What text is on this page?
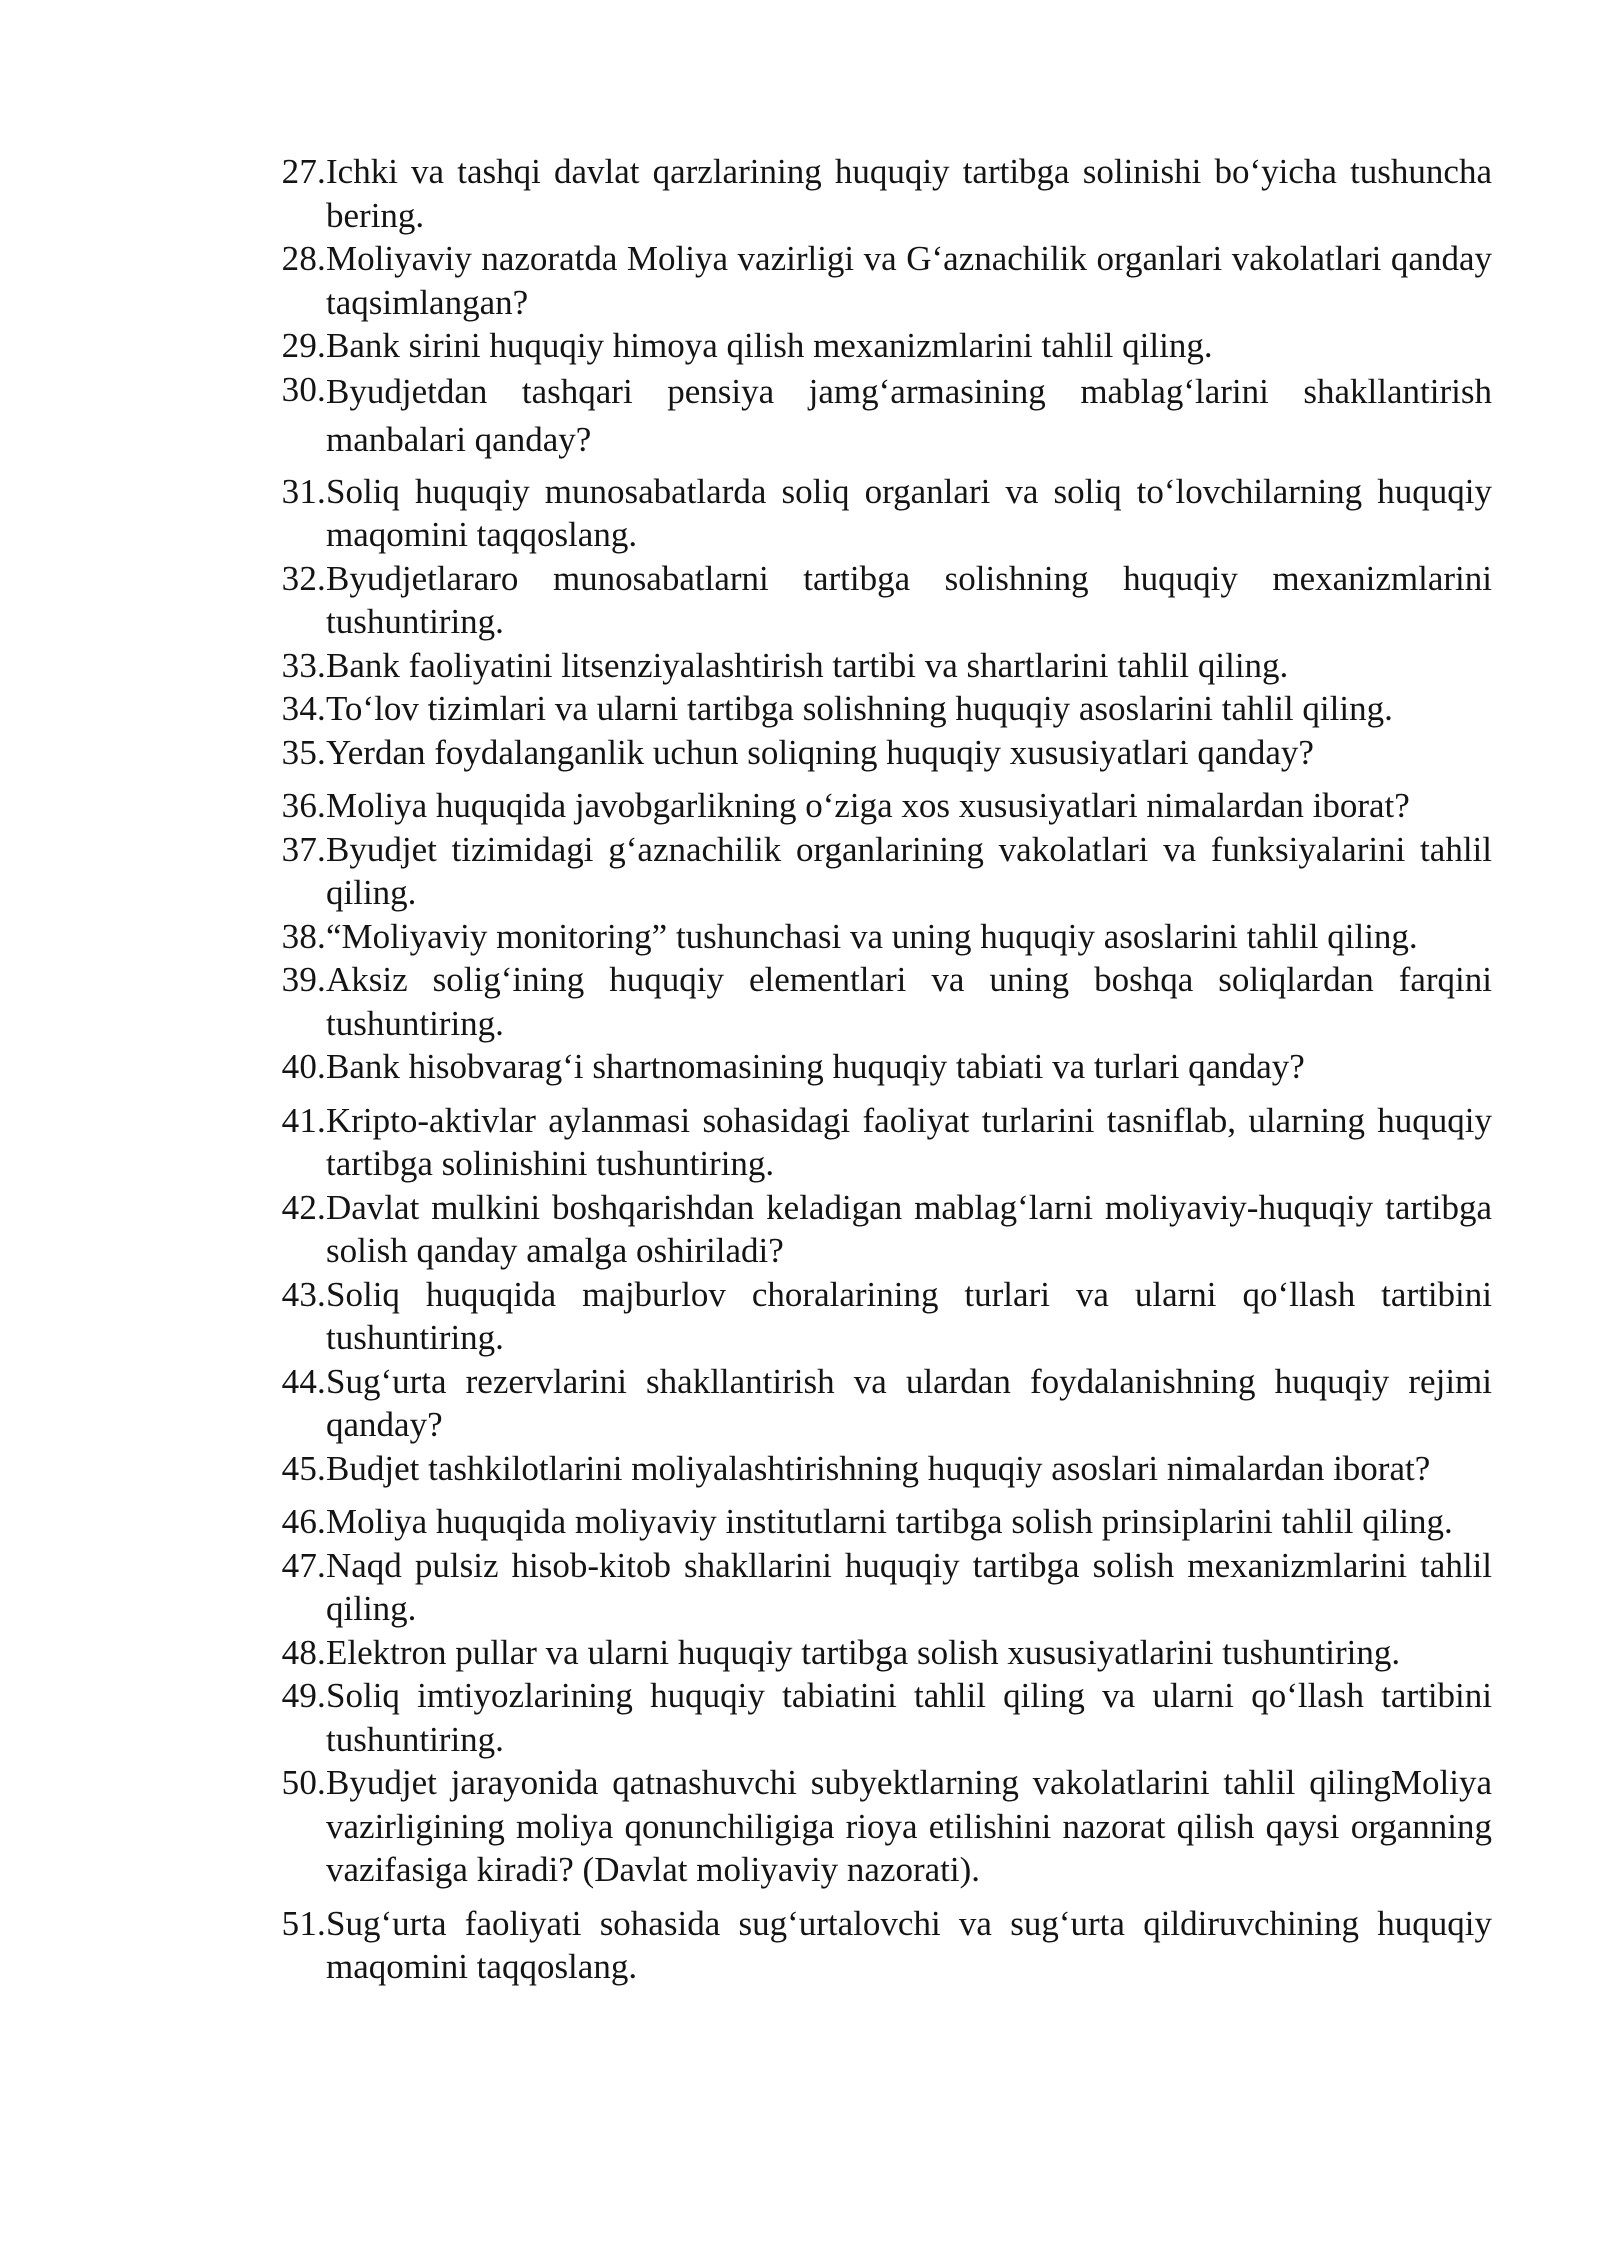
27. Ichki va tashqi davlat qarzlarining huquqiy tartibga solinishi bo‘yicha tushuncha bering.
28. Moliyaviy nazoratda Moliya vazirligi va G‘aznachilik organlari vakolatlari qanday taqsimlangan?
29. Bank sirini huquqiy himoya qilish mexanizmlarini tahlil qiling.
30. Byudjetdan tashqari pensiya jamg‘armasining mablag‘larini shakllantirish manbalari qanday?
31. Soliq huquqiy munosabatlarda soliq organlari va soliq to‘lovchilarning huquqiy maqomini taqqoslang.
32. Byudjetlararo munosabatlarni tartibga solishning huquqiy mexanizmlarini tushuntiring.
33. Bank faoliyatini litsenziyalashtirish tartibi va shartlarini tahlil qiling.
34. To‘lov tizimlari va ularni tartibga solishning huquqiy asoslarini tahlil qiling.
35. Yerdan foydalanganlik uchun soliqning huquqiy xususiyatlari qanday?
36. Moliya huquqida javobgarlikning o‘ziga xos xususiyatlari nimalardan iborat?
37. Byudjet tizimidagi g‘aznachilik organlarining vakolatlari va funksiyalarini tahlil qiling.
38. “Moliyaviy monitoring” tushunchasi va uning huquqiy asoslarini tahlil qiling.
39. Aksiz solig‘ining huquqiy elementlari va uning boshqa soliqlardan farqini tushuntiring.
40. Bank hisobvarag‘i shartnomasining huquqiy tabiati va turlari qanday?
41. Kripto-aktivlar aylanmasi sohasidagi faoliyat turlarini tasniflab, ularning huquqiy tartibga solinishini tushuntiring.
42. Davlat mulkini boshqarishdan keladigan mablag‘larni moliyaviy-huquqiy tartibga solish qanday amalga oshiriladi?
43. Soliq huquqida majburlov choralarining turlari va ularni qo‘llash tartibini tushuntiring.
44. Sug‘urta rezervlarini shakllantirish va ulardan foydalanishning huquqiy rejimi qanday?
45. Budjet tashkilotlarini moliyalashtirishning huquqiy asoslari nimalardan iborat?
46. Moliya huquqida moliyaviy institutlarni tartibga solish prinsiplarini tahlil qiling.
47. Naqd pulsiz hisob-kitob shakllarini huquqiy tartibga solish mexanizmlarini tahlil qiling.
48. Elektron pullar va ularni huquqiy tartibga solish xususiyatlarini tushuntiring.
49. Soliq imtiyozlarining huquqiy tabiatini tahlil qiling va ularni qo‘llash tartibini tushuntiring.
50. Byudjet jarayonida qatnashuvchi subyektlarning vakolatlarini tahlil qilingMoliya vazirligining moliya qonunchiligiga rioya etilishini nazorat qilish qaysi organning vazifasiga kiradi? (Davlat moliyaviy nazorati).
51. Sug‘urta faoliyati sohasida sug‘urtalovchi va sug‘urta qildiruvchining huquqiy maqomini taqqoslang.
